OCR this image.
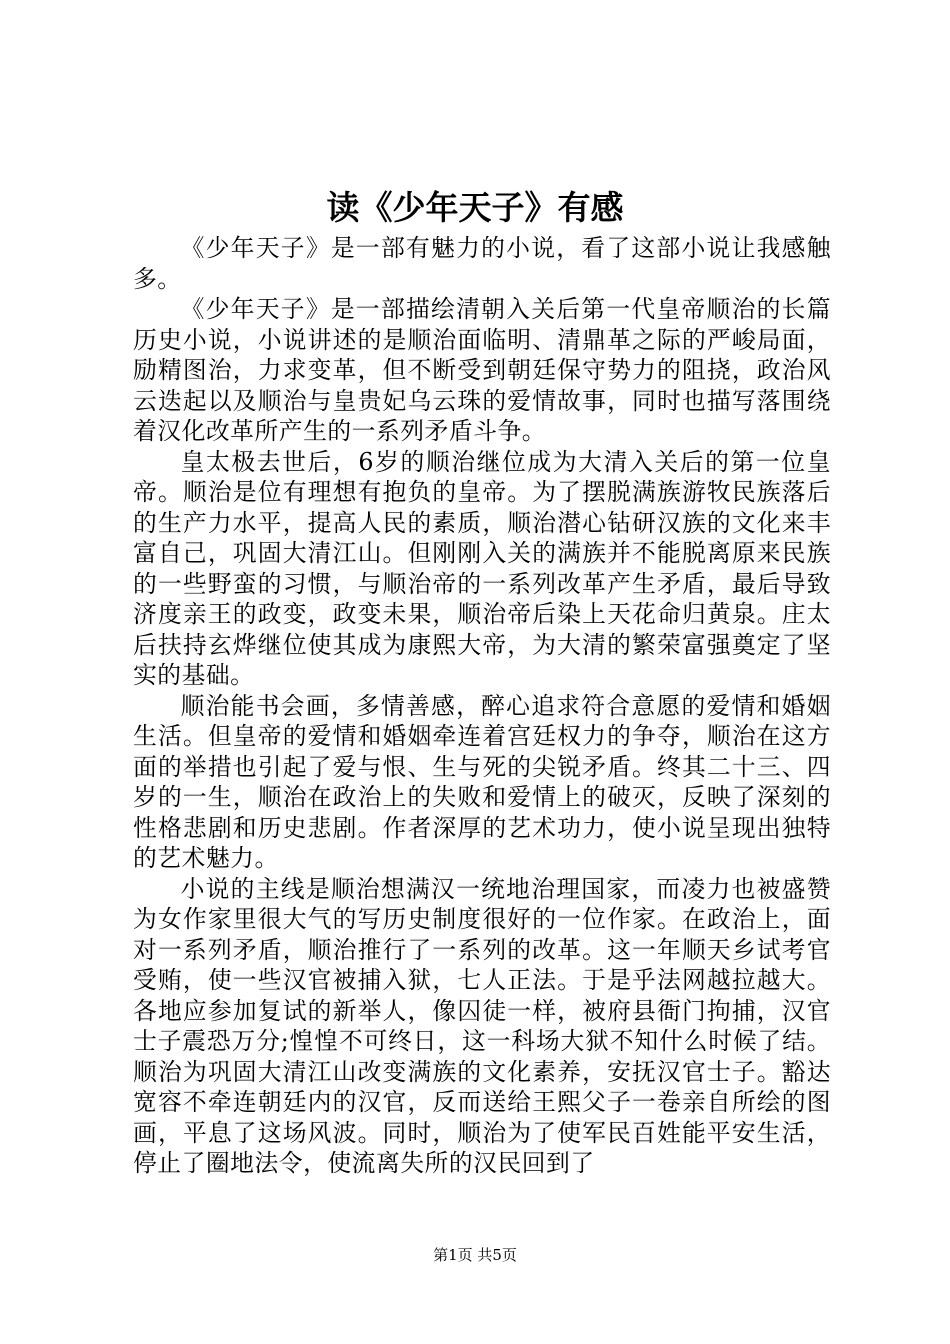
读《少年天子》有感

《少年天子》是一部有魅力的小说，看了这部小说让我感触多。

《少年天子》是一部描绘清朝入关后第一代皇帝顺治的长篇历史小说，小说讲述的是顺治面临明、清鼎革之际的严峻局面，励精图治，力求变革，但不断受到朝廷保守势力的阻挠，政治风云迭起以及顺治与皇贵妃乌云珠的爱情故事，同时也描写落围绕着汉化改革所产生的一系列矛盾斗争。

皇太极去世后，6岁的顺治继位成为大清入关后的第一位皇帝。顺治是位有理想有抱负的皇帝。为了摆脱满族游牧民族落后的生产力水平，提高人民的素质，顺治潜心钻研汉族的文化来丰富自己，巩固大清江山。但刚刚入关的满族并不能脱离原来民族的一些野蛮的习惯，与顺治帝的一系列改革产生矛盾，最后导致济度亲王的政变，政变未果，顺治帝后染上天花命归黄泉。庄太后扶持玄烨继位使其成为康熙大帝，为大清的繁荣富强奠定了坚实的基础。

顺治能书会画，多情善感，醉心追求符合意愿的爱情和婚姻生活。但皇帝的爱情和婚姻牵连着宫廷权力的争夺，顺治在这方面的举措也引起了爱与恨、生与死的尖锐矛盾。终其二十三、四岁的一生，顺治在政治上的失败和爱情上的破灭，反映了深刻的性格悲剧和历史悲剧。作者深厚的艺术功力，使小说呈现出独特的艺术魅力。

小说的主线是顺治想满汉一统地治理国家，而凌力也被盛赞为女作家里很大气的写历史制度很好的一位作家。在政治上，面对一系列矛盾，顺治推行了一系列的改革。这一年顺天乡试考官受贿，使一些汉官被捕入狱，七人正法。于是乎法网越拉越大。各地应参加复试的新举人，像囚徒一样，被府县衙门拘捕，汉官士子震恐万分;惶惶不可终日，这一科场大狱不知什么时候了结。顺治为巩固大清江山改变满族的文化素养，安抚汉官士子。豁达宽容不牵连朝廷内的汉官，反而送给王熙父子一卷亲自所绘的图画，平息了这场风波。同时，顺治为了使军民百姓能平安生活，停止了圈地法令，使流离失所的汉民回到了

第1页 共5页
